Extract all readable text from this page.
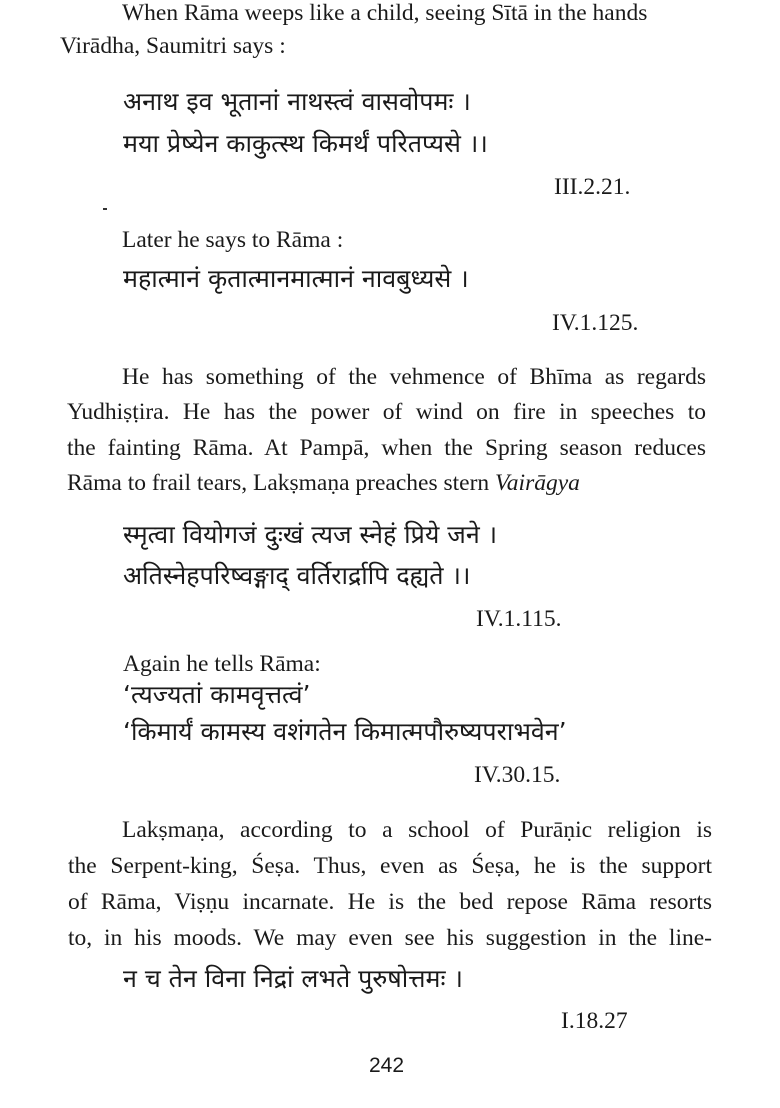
When Rāma weeps like a child, seeing Sītā in the hands

Virādha, Saumitri says :

अनाथ इव भूतानां नाथस्त्वं वासवोपमः ।

मया प्रेष्येन काकुत्स्थ किमर्थं परितप्यसे ।।

III.2.21.

Later he says to Rāma :

महात्मानं कृतात्मानमात्मानं नावबुध्यसे ।

IV.1.125.

He has something of the vehmence of Bhīma as regards

Yudhiṣṭira. He has the power of wind on fire in speeches to

the fainting Rāma. At Pampā, when the Spring season reduces

Rāma to frail tears, Lakṣmaṇa preaches stern Vairāgya

स्मृत्वा वियोगजं दुःखं त्यज स्नेहं प्रिये जने ।

अतिस्नेहपरिष्वङ्गाद् वर्तिरार्द्रापि दह्यते ।।

IV.1.115.

Again he tells Rāma:

‘त्यज्यतां कामवृत्तत्वं’

‘किमार्यं कामस्य वशंगतेन किमात्मपौरुष्यपराभवेन’

IV.30.15.

Lakṣmaṇa, according to a school of Purāṇic religion is

the Serpent-king, Śeṣa. Thus, even as Śeṣa, he is the support

of Rāma, Viṣṇu incarnate. He is the bed repose Rāma resorts

to, in his moods. We may even see his suggestion in the line-

न च तेन विना निद्रां लभते पुरुषोत्तमः ।

I.18.27

242
